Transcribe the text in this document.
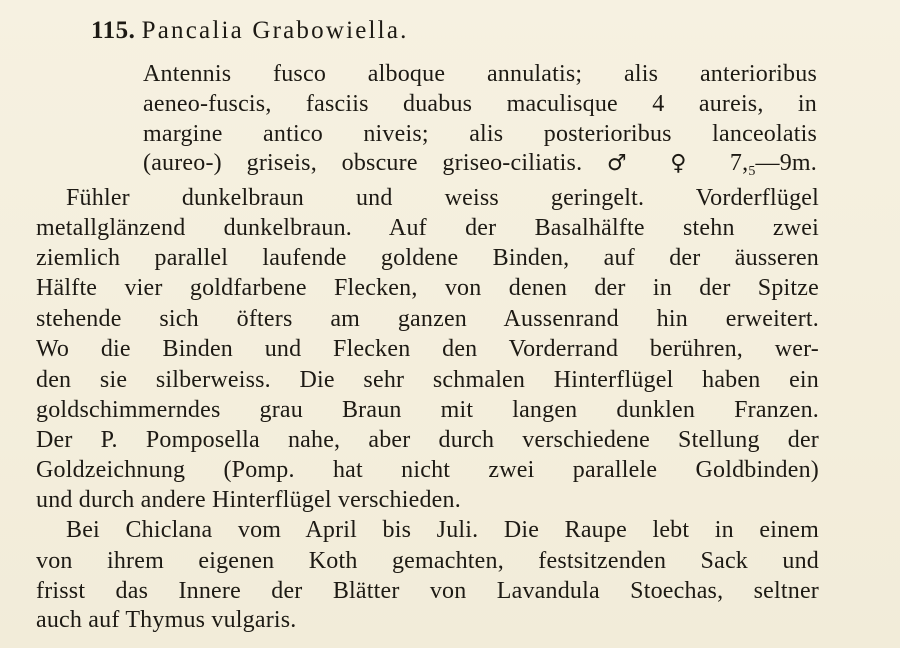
115. Pancalia Grabowiella.
Antennis fusco alboque annulatis; alis anterioribus
aeneo-fuscis, fasciis duabus maculisque 4 aureis, in
margine antico niveis; alis posterioribus lanceolatis
(aureo-) griseis, obscure griseo-ciliatis. ♂ ♀ $7,_5—9m$.
Fühler dunkelbraun und weiss geringelt. Vorderflügel
metallglänzend dunkelbraun. Auf der Basalhälfte stehn zwei
ziemlich parallel laufende goldene Binden, auf der äusseren
Hälfte vier goldfarbene Flecken, von denen der in der Spitze
stehende sich öfters am ganzen Aussenrand hin erweitert.
Wo die Binden und Flecken den Vorderrand berühren, wer-
den sie silberweiss. Die sehr schmalen Hinterflügel haben ein
goldschimmerndes grau Braun mit langen dunklen Franzen.
Der P. Pomposella nahe, aber durch verschiedene Stellung der
Goldzeichnung (Pomp. hat nicht zwei parallele Goldbinden)
und durch andere Hinterflügel verschieden.
Bei Chiclana vom April bis Juli. Die Raupe lebt in einem
von ihrem eigenen Koth gemachten, festsitzenden Sack und
frisst das Innere der Blätter von Lavandula Stoechas, seltner
auch auf Thymus vulgaris.
